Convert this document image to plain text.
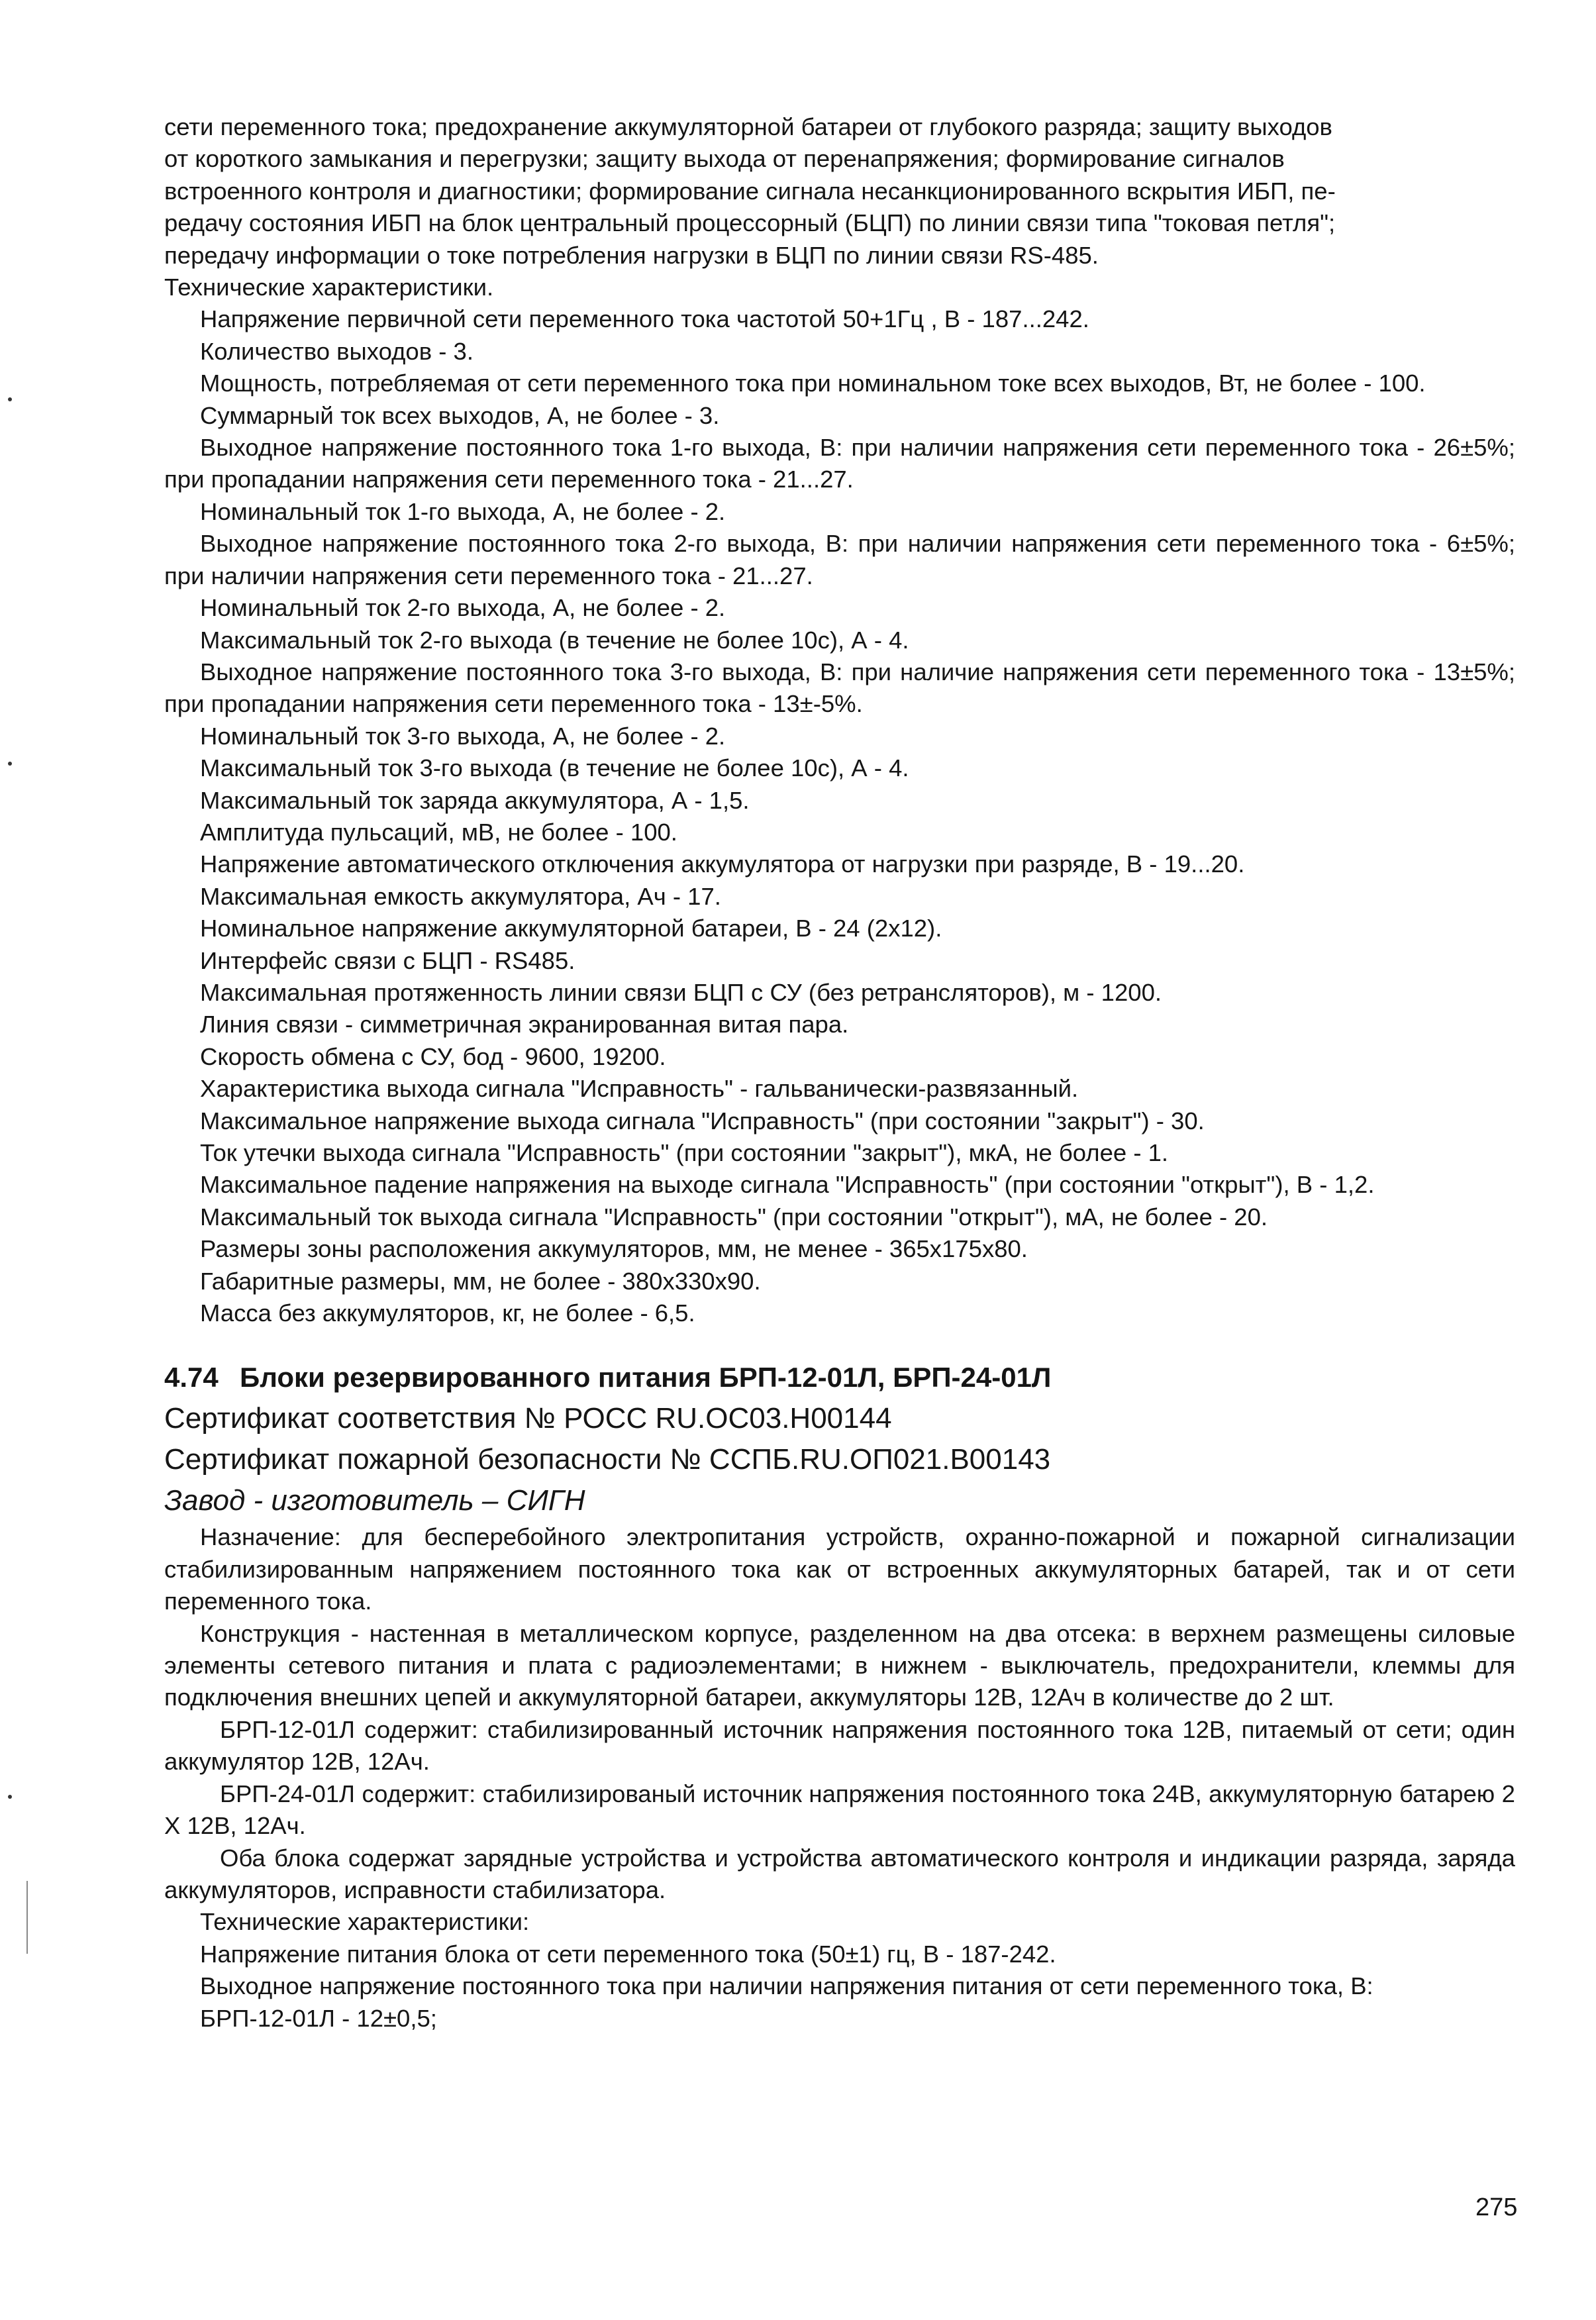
сети переменного тока; предохранение аккумуляторной батареи от глубокого разряда; защиту выходов

от короткого замыкания и перегрузки; защиту выхода от перенапряжения; формирование сигналов

встроенного контроля и диагностики; формирование сигнала несанкционированного вскрытия ИБП, пе-

редачу состояния ИБП на блок центральный процессорный (БЦП) по линии связи типа "токовая петля";

передачу информации о токе потребления нагрузки в БЦП по линии связи RS-485.

Технические характеристики.

Напряжение первичной сети переменного тока частотой 50+1Гц , В - 187...242.

Количество выходов - 3.

Мощность, потребляемая от сети переменного тока при номинальном токе всех выходов, Вт, не более - 100.

Суммарный ток всех выходов, А, не более - 3.

Выходное напряжение постоянного тока 1-го выхода, В: при наличии напряжения сети переменного тока - 26±5%; при пропадании напряжения сети переменного тока - 21...27.

Номинальный ток 1-го выхода, А, не более - 2.

Выходное напряжение постоянного тока 2-го выхода, В: при наличии напряжения сети переменного тока - 6±5%; при наличии напряжения сети переменного тока - 21...27.

Номинальный ток 2-го выхода, А, не более - 2.

Максимальный ток 2-го выхода (в течение не более 10с), А - 4.

Выходное напряжение постоянного тока 3-го выхода, В: при наличие напряжения сети переменного тока - 13±5%; при пропадании напряжения сети переменного тока - 13±-5%.

Номинальный ток 3-го выхода, А, не более - 2.

Максимальный ток 3-го выхода (в течение не более 10с), А - 4.

Максимальный ток заряда аккумулятора, А - 1,5.

Амплитуда пульсаций, мВ, не более - 100.

Напряжение автоматического отключения аккумулятора от нагрузки при разряде, В - 19...20.

Максимальная емкость аккумулятора, Ач - 17.

Номинальное напряжение аккумуляторной батареи, В - 24 (2x12).

Интерфейс связи с БЦП - RS485.

Максимальная протяженность линии связи БЦП с СУ (без ретрансляторов), м - 1200.

Линия связи - симметричная экранированная витая пара.

Скорость обмена с СУ, бод - 9600, 19200.

Характеристика выхода сигнала "Исправность" - гальванически-развязанный.

Максимальное напряжение выхода сигнала "Исправность" (при состоянии "закрыт") - 30.

Ток утечки выхода сигнала "Исправность" (при состоянии "закрыт"), мкА, не более - 1.

Максимальное падение напряжения на выходе сигнала "Исправность" (при состоянии "открыт"), В - 1,2.

Максимальный ток выхода сигнала "Исправность" (при состоянии "открыт"), мА, не более - 20.

Размеры зоны расположения аккумуляторов, мм, не менее - 365x175x80.

Габаритные размеры, мм, не более - 380x330x90.

Масса без аккумуляторов, кг, не более - 6,5.

4.74 Блоки резервированного питания БРП-12-01Л, БРП-24-01Л

Сертификат соответствия № РОСС RU.ОС03.Н00144

Сертификат пожарной безопасности № ССПБ.RU.ОП021.В00143

Завод - изготовитель – СИГН

Назначение: для бесперебойного электропитания устройств, охранно-пожарной и пожарной сигнализации стабилизированным напряжением постоянного тока как от встроенных аккумуляторных батарей, так и от сети переменного тока.

Конструкция - настенная в металлическом корпусе, разделенном на два отсека: в верхнем размещены силовые элементы сетевого питания и плата с радиоэлементами; в нижнем - выключатель, предохранители, клеммы для подключения внешних цепей и аккумуляторной батареи, аккумуляторы 12В, 12Ач в количестве до 2 шт.

БРП-12-01Л содержит: стабилизированный источник напряжения постоянного тока 12В, питаемый от сети; один аккумулятор 12В, 12Ач.

БРП-24-01Л содержит: стабилизированый источник напряжения постоянного тока 24В, аккумуляторную батарею 2 Х 12В, 12Ач.

Оба блока содержат зарядные устройства и устройства автоматического контроля и индикации разряда, заряда аккумуляторов, исправности стабилизатора.

Технические характеристики:

Напряжение питания блока от сети переменного тока (50±1) гц, В - 187-242.

Выходное напряжение постоянного тока при наличии напряжения питания от сети переменного тока, В:

БРП-12-01Л - 12±0,5;

275
